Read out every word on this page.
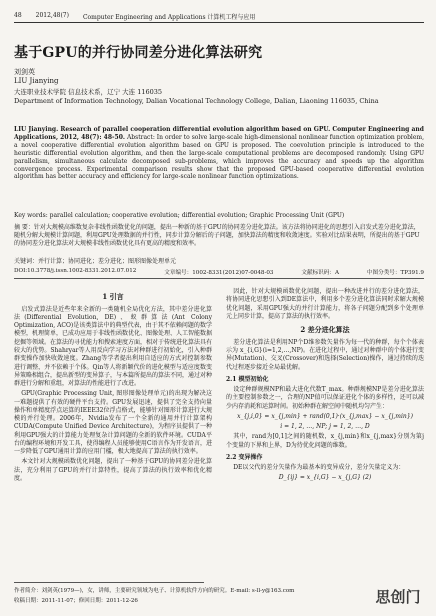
48 2012,48(7) Computer Engineering and Applications 计算机工程与应用
基于GPU的并行协同差分进化算法研究
刘剑英
LIU Jianying
大连职业技术学院 信息技术系，辽宁 大连 116035
Department of Information Technology, Dalian Vocational Technology College, Dalian, Liaoning 116035, China
LIU Jianying. Research of parallel cooperation differential evolution algorithm based on GPU. Computer Engineering and Applications, 2012, 48(7): 48-50. Abstract: In order to solve large-scale high-dimensional nonlinear function optimization problem, a novel cooperative differential evolution algorithm based on GPU is proposed. The coevolution principle is introduced to the heuristic differential evolution algorithm, and then the large-scale computational problems are decomposed randomly. Using GPU parallelism, simultaneous calculate decomposed sub-problems, which improves the accuracy and speeds up the algorithm convergence process. Experimental comparison results show that the proposed GPU-based cooperative differential evolution algorithm has better accuracy and efficiency for large-scale nonlinear function optimizations.
Key words: parallel calculation; cooperative evolution; differential evolution; Graphic Processing Unit (GPU)
摘 要：针对大规模高维数复杂非线性函数优化的问题，提出一种新的基于GPU的协同差分进化算法。该方法将协同进化的思想引入启发式差分进化算法，随机分解大规模计算问题，利用GPU处理数据的并行性，同步计算分解后的子问题，加快算法的精度和收敛速度。实验对比结果表明，所提出的基于GPU的协同差分进化算法对大规模非线性函数优化具有更高的精度和效率。
关键词：并行计算；协同进化；差分进化；图形图像处理单元
DOI:10.3778/j.issn.1002-8331.2012.07.012	文章编号：1002-8331(2012)07-0048-03	文献标识码：A	中图分类号：TP391.9
1 引言

启发式算法是近些年来全新的一类随机全局优化方法，其中差分进化算法(Differential Evolution, DE)、蚁群算法(Ant Colony Optimization, ACO)是该类算法中的典型代表，由于其不依赖问题的数学模型，机理简单，已成功应用于非线性函数优化、图像处理、人工智能数据挖掘等领域。在算法的寻优能力和搜索速度方面，相对于传统进化算法具有较大的优势。Shahryar等人用反向学习方法对种群进行初始化，引入种群群变操作加快收敛速度。Zhang等学者提出利用自适应的方式对控制参数进行调整，并不依赖于个体。Qin等人将新颖代价的进化模型与适应度数变异策略相组合，提出新型的变异算子，与本篇所提出的算法不同，通过对种群进行分解和重组，对算法的性能进行了改进。

GPU(Graphic Processing Unit, 图形图像处理单元)的出现为解决这一难题提供了有效的硬件平台支持。GPU发展迅速，提供了完全支持向量操作和单精度浮点运算的IEEE32位浮点格式，能够针对图形计算进行大规模的并行处理。2006年，Nvidia发布了一个全新的通用并行计算架构CUDA(Compute Unified Device Architecture)，为程序员提供了一种利用GPU强大的计算能力处理复杂计算问题的全新的软件环境。CUDA平台的编程环境和开发工具，使得编程人员能够使用C语言作为开发语言，进一步降低了GPU通用计算的应用门槛，极大地提高了算法的执行效率。

本文针对大规模函数优化问题，提出了一种基于GPU的协同差分进化算法，充分利用了GPU的并行计算特性，提高了算法的执行效率和优化精度。

因此，针对大规模函数优化问题，提出一种改进并行的差分进化算法，将协同进化思想引入到DE算法中，利用多个差分进化算法同时求解大规模优化问题，采用GPU强大的并行计算能力，将各子问题分配到多个处理单元上同步计算，提高了算法的执行效率。

2 差分进化算法

差分进化算法是利用NP个D维参数矢量作为每一代的种群，每个个体表示为 x_{i,G}(i=1,2,…,NP)。在进化过程中，通过对种群中的个体进行变异(Mutation)、交叉(Crossover)和选择(Selection)操作，通过持续的迭代过程逐步接近全局最优解。

2.1 模型初始化

设定种群规模NP和最大进化代数T_max。种群规模NP是差分进化算法的主要控制参数之一，合理的NP值可以保证进化个体的多样性，还可以减少内存消耗和运算时间。初始种群在解空间中随机均匀产生：

x_{j,i,0} = x_{j,min} + rand(0,1)·(x_{j,max} − x_{j,min})
i = 1, 2, …, NP; j = 1, 2, …, D

其中，rand为[0,1]之间的随机数，x_{j,min}和x_{j,max}分别为第j个变量的下界和上界，D为待优化问题的维数。

2.2 变异操作

DE以父代的差分矢量作为最基本的变异成分，差分矢量定义为：

D_{ij} = x_{i,G} − x_{j,G} (2)
作者简介：刘剑英(1979—)，女，讲师，主要研究领域为电子、计算机软件方向的研究。E-mail: s-ll-y@163.com
收稿日期：2011-11-07；修回日期：2011-12-26	思创门
